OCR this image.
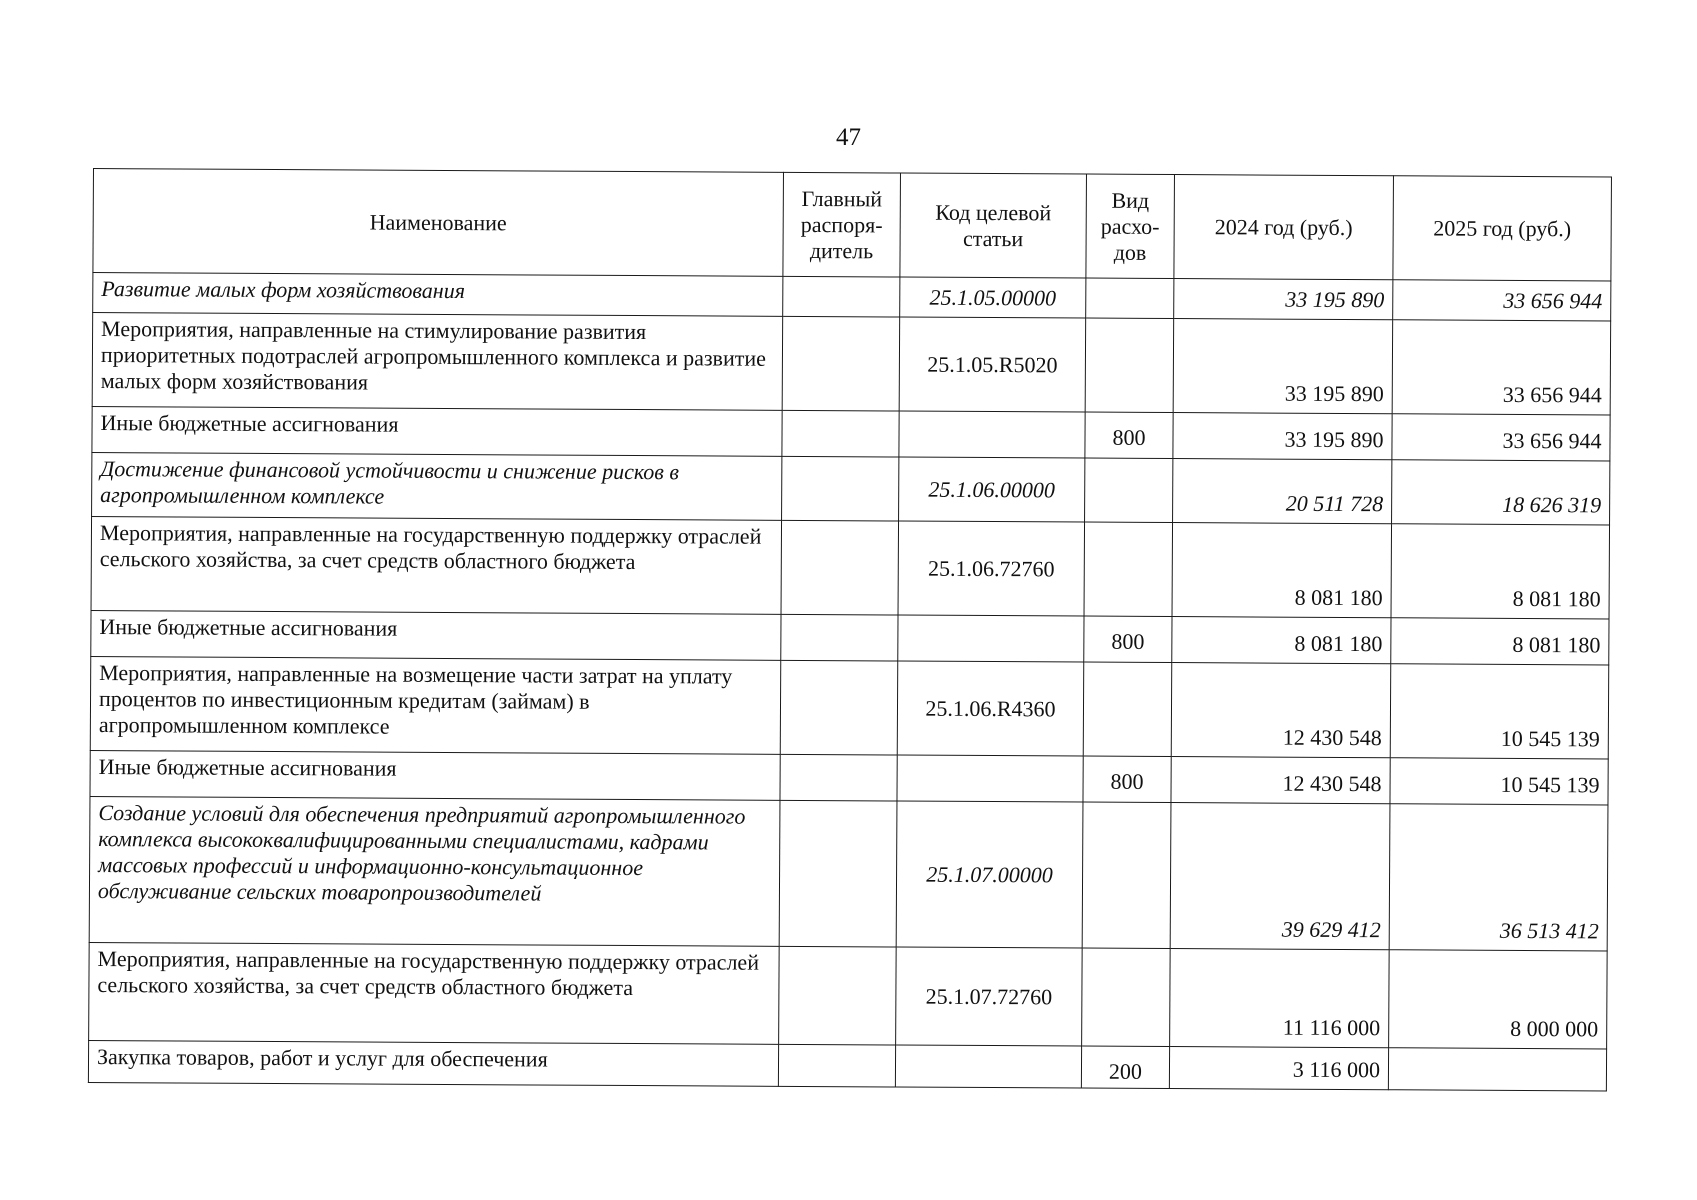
47
Наименование	Главный распоря-дитель	Код целевой статьи	Вид расхо-дов	2024 год (руб.)	2025 год (руб.)
Развитие малых форм хозяйствования		25.1.05.00000		33 195 890	33 656 944
Мероприятия, направленные на стимулирование развития приоритетных подотраслей агропромышленного комплекса и развитие малых форм хозяйствования		25.1.05.R5020		33 195 890	33 656 944
Иные бюджетные ассигнования			800	33 195 890	33 656 944
Достижение финансовой устойчивости и снижение рисков в агропромышленном комплексе		25.1.06.00000		20 511 728	18 626 319
Мероприятия, направленные на государственную поддержку отраслей сельского хозяйства, за счет средств областного бюджета		25.1.06.72760		8 081 180	8 081 180
Иные бюджетные ассигнования			800	8 081 180	8 081 180
Мероприятия, направленные на возмещение части затрат на уплату процентов по инвестиционным кредитам (займам) в агропромышленном комплексе		25.1.06.R4360		12 430 548	10 545 139
Иные бюджетные ассигнования			800	12 430 548	10 545 139
Создание условий для обеспечения предприятий агропромышленного комплекса высококвалифицированными специалистами, кадрами массовых профессий и информационно-консультационное обслуживание сельских товаропроизводителей		25.1.07.00000		39 629 412	36 513 412
Мероприятия, направленные на государственную поддержку отраслей сельского хозяйства, за счет средств областного бюджета		25.1.07.72760		11 116 000	8 000 000
Закупка товаров, работ и услуг для обеспечения			200	3 116 000	
